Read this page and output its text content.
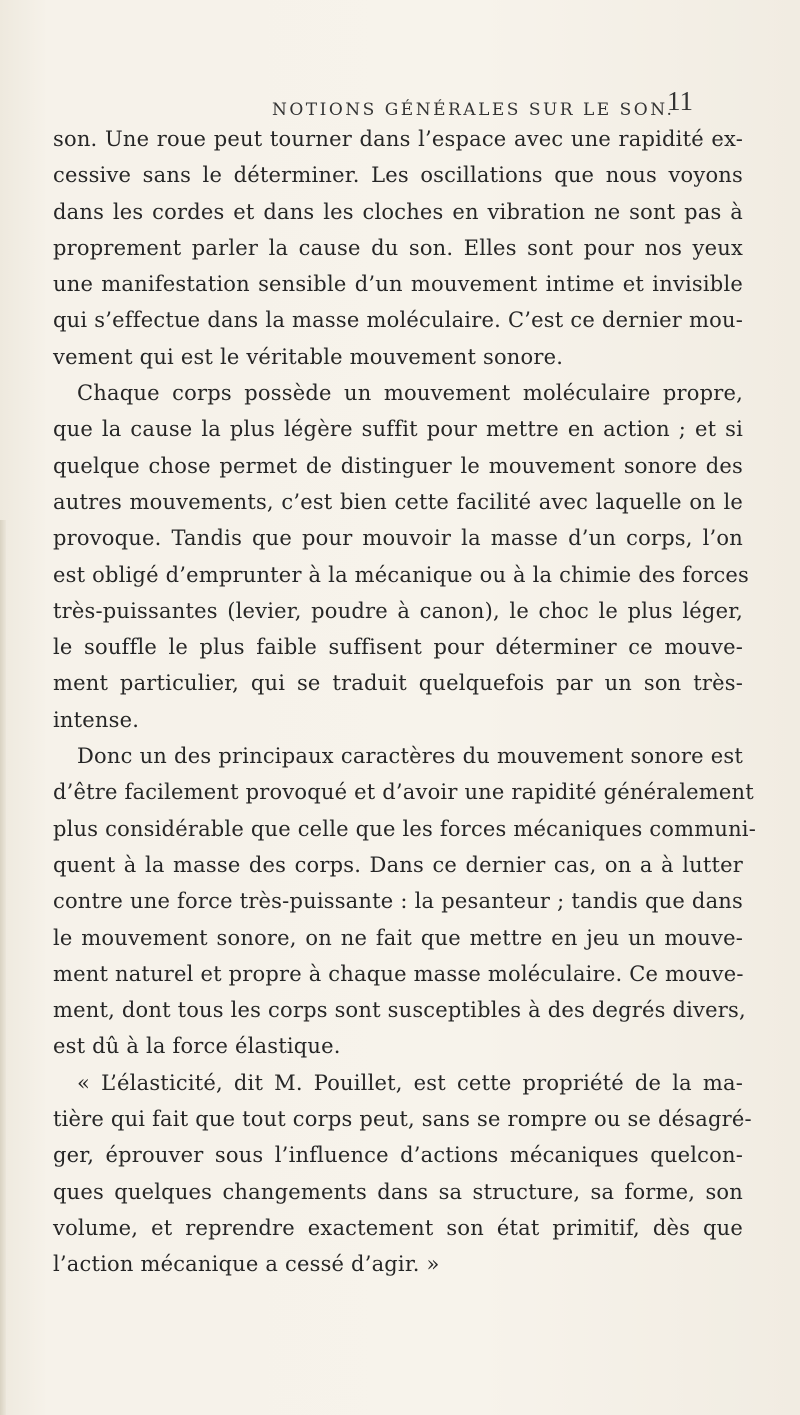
NOTIONS GÉNÉRALES SUR LE SON.
11
son. Une roue peut tourner dans l’espace avec une rapidité ex-
cessive sans le déterminer. Les oscillations que nous voyons
dans les cordes et dans les cloches en vibration ne sont pas à
proprement parler la cause du son. Elles sont pour nos yeux
une manifestation sensible d’un mouvement intime et invisible
qui s’effectue dans la masse moléculaire. C’est ce dernier mou-
vement qui est le véritable mouvement sonore.
Chaque corps possède un mouvement moléculaire propre,
que la cause la plus légère suffit pour mettre en action ; et si
quelque chose permet de distinguer le mouvement sonore des
autres mouvements, c’est bien cette facilité avec laquelle on le
provoque. Tandis que pour mouvoir la masse d’un corps, l’on
est obligé d’emprunter à la mécanique ou à la chimie des forces
très-puissantes (levier, poudre à canon), le choc le plus léger,
le souffle le plus faible suffisent pour déterminer ce mouve-
ment particulier, qui se traduit quelquefois par un son très-
intense.
Donc un des principaux caractères du mouvement sonore est
d’être facilement provoqué et d’avoir une rapidité généralement
plus considérable que celle que les forces mécaniques communi-
quent à la masse des corps. Dans ce dernier cas, on a à lutter
contre une force très-puissante : la pesanteur ; tandis que dans
le mouvement sonore, on ne fait que mettre en jeu un mouve-
ment naturel et propre à chaque masse moléculaire. Ce mouve-
ment, dont tous les corps sont susceptibles à des degrés divers,
est dû à la force élastique.
« L’élasticité, dit M. Pouillet, est cette propriété de la ma-
tière qui fait que tout corps peut, sans se rompre ou se désagré-
ger, éprouver sous l’influence d’actions mécaniques quelcon-
ques quelques changements dans sa structure, sa forme, son
volume, et reprendre exactement son état primitif, dès que
l’action mécanique a cessé d’agir. »
